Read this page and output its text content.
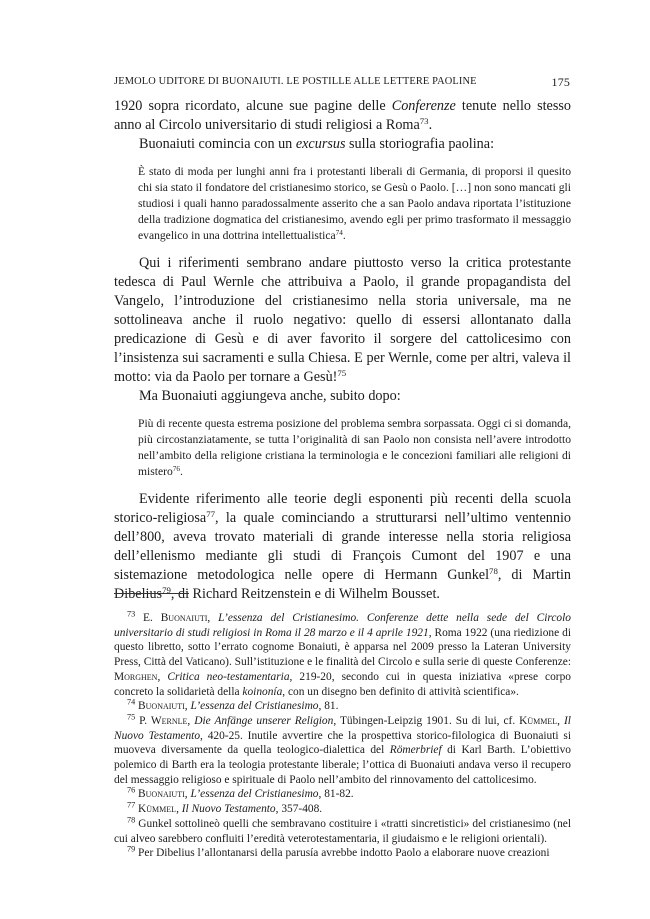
JEMOLO UDITORE DI BUONAIUTI. LE POSTILLE ALLE LETTERE PAOLINE	175

1920 sopra ricordato, alcune sue pagine delle Conferenze tenute nello stesso anno al Circolo universitario di studi religiosi a Roma$^{73}$.

Buonaiuti comincia con un excursus sulla storiografia paolina:

È stato di moda per lunghi anni fra i protestanti liberali di Germania, di proporsi il quesito chi sia stato il fondatore del cristianesimo storico, se Gesù o Paolo. […] non sono mancati gli studiosi i quali hanno paradossalmente asserito che a san Paolo andava riportata l’istituzione della tradizione dogmatica del cristianesimo, avendo egli per primo trasformato il messaggio evangelico in una dottrina intellettualistica$^{74}$.

Qui i riferimenti sembrano andare piuttosto verso la critica protestante tedesca di Paul Wernle che attribuiva a Paolo, il grande propagandista del Vangelo, l’introduzione del cristianesimo nella storia universale, ma ne sottolineava anche il ruolo negativo: quello di essersi allontanato dalla predicazione di Gesù e di aver favorito il sorgere del cattolicesimo con l’insistenza sui sacramenti e sulla Chiesa. E per Wernle, come per altri, valeva il motto: via da Paolo per tornare a Gesù!$^{75}$

Ma Buonaiuti aggiungeva anche, subito dopo:

Più di recente questa estrema posizione del problema sembra sorpassata. Oggi ci si domanda, più circostanziatamente, se tutta l’originalità di san Paolo non consista nell’avere introdotto nell’ambito della religione cristiana la terminologia e le concezioni familiari alle religioni di mistero$^{76}$.

Evidente riferimento alle teorie degli esponenti più recenti della scuola storico-religiosa$^{77}$, la quale cominciando a strutturarsi nell’ultimo ventennio dell’800, aveva trovato materiali di grande interesse nella storia religiosa dell’ellenismo mediante gli studi di François Cumont del 1907 e una sistemazione metodologica nelle opere di Hermann Gunkel$^{78}$, di Martin Dibelius$^{79}$, di Richard Reitzenstein e di Wilhelm Bousset.

$^{73}$ E. Buonaiuti, L’essenza del Cristianesimo. Conferenze dette nella sede del Circolo universitario di studi religiosi in Roma il 28 marzo e il 4 aprile 1921, Roma 1922 (una riedizione di questo libretto, sotto l’errato cognome Bonaiuti, è apparsa nel 2009 presso la Lateran University Press, Città del Vaticano). Sull’istituzione e le finalità del Circolo e sulla serie di queste Conferenze: Morghen, Critica neo-testamentaria, 219-20, secondo cui in questa iniziativa «prese corpo concreto la solidarietà della koinonía, con un disegno ben definito di attività scientifica».

$^{74}$ Buonaiuti, L’essenza del Cristianesimo, 81.

$^{75}$ P. Wernle, Die Anfänge unserer Religion, Tübingen-Leipzig 1901. Su di lui, cf. Kümmel, Il Nuovo Testamento, 420-25. Inutile avvertire che la prospettiva storico-filologica di Buonaiuti si muoveva diversamente da quella teologico-dialettica del Römerbrief di Karl Barth. L’obiettivo polemico di Barth era la teologia protestante liberale; l’ottica di Buonaiuti andava verso il recupero del messaggio religioso e spirituale di Paolo nell’ambito del rinnovamento del cattolicesimo.

$^{76}$ Buonaiuti, L’essenza del Cristianesimo, 81-82.

$^{77}$ Kümmel, Il Nuovo Testamento, 357-408.

$^{78}$ Gunkel sottolineò quelli che sembravano costituire i «tratti sincretistici» del cristianesimo (nel cui alveo sarebbero confluiti l’eredità veterotestamentaria, il giudaismo e le religioni orientali).

$^{79}$ Per Dibelius l’allontanarsi della parusía avrebbe indotto Paolo a elaborare nuove creazioni
